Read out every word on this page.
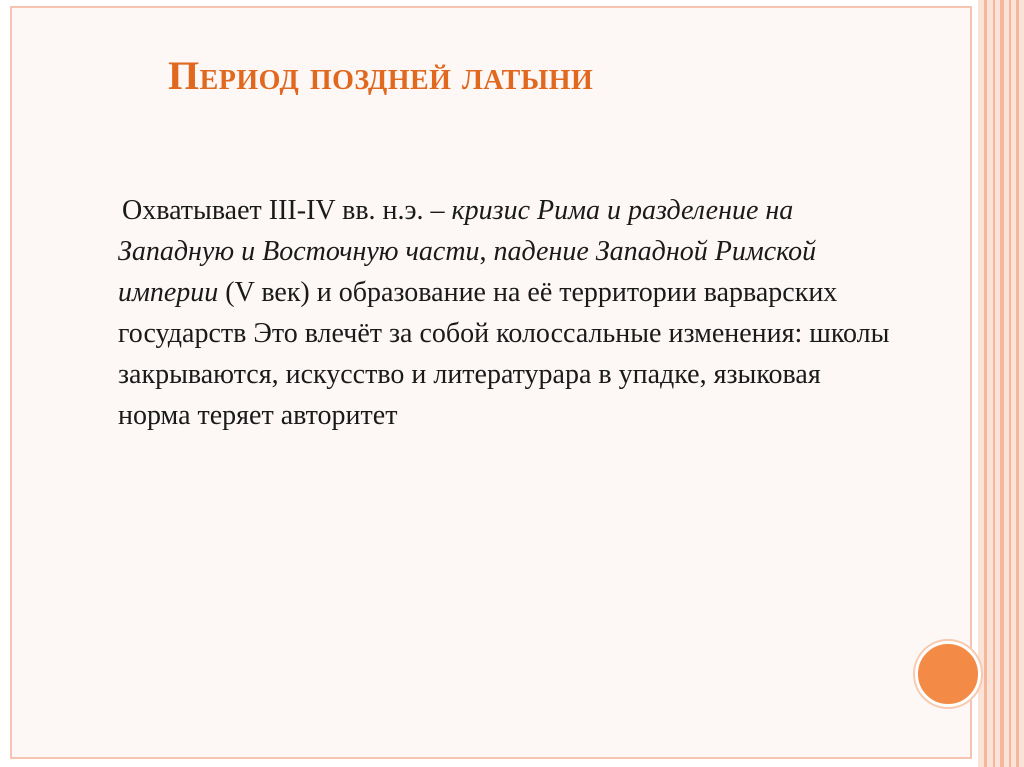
Период поздней латыни

Охватывает III-IV вв. н.э. – кризис Рима и разделение на Западную и Восточную части, падение Западной Римской империи (V век) и образование на её территории варварских государств Это влечёт за собой колоссальные изменения: школы закрываются, искусство и литературара в упадке, языковая норма теряет авторитет
